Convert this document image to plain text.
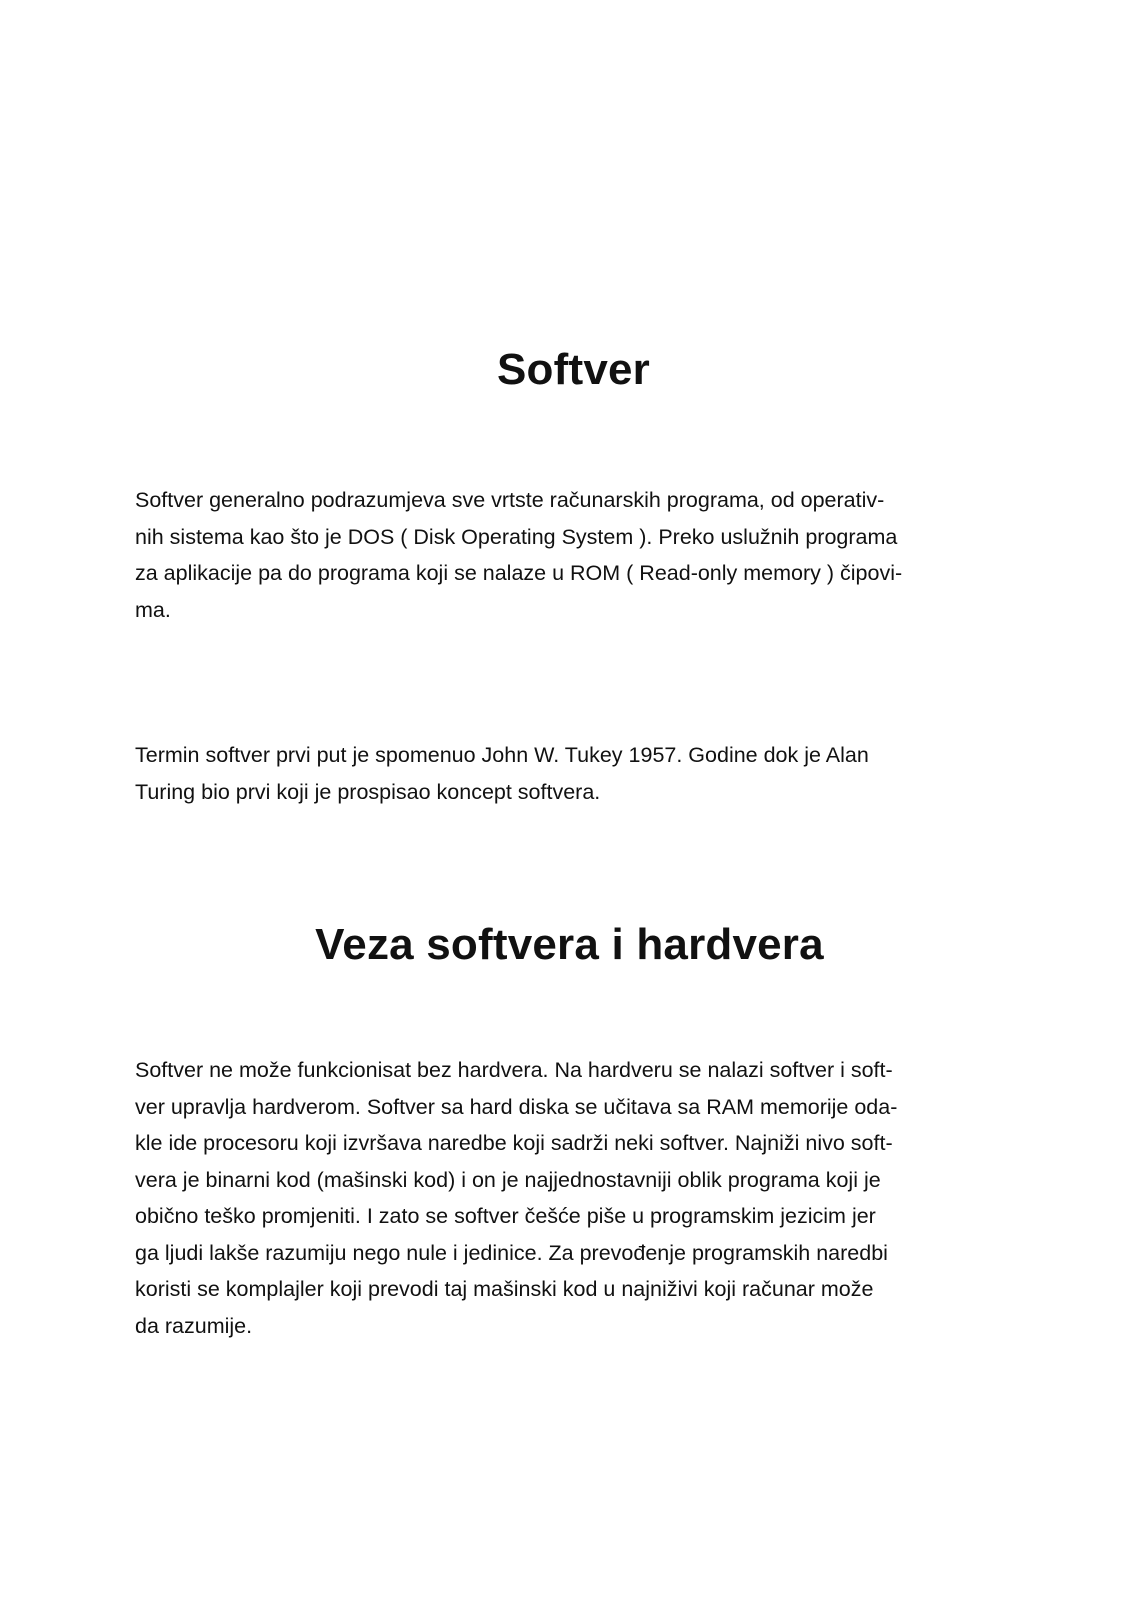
Softver

Softver generalno podrazumjeva sve vrtste računarskih programa, od operativ-
nih sistema kao što je DOS ( Disk Operating System ). Preko uslužnih programa
za aplikacije pa do programa koji se nalaze u ROM ( Read-only memory ) čipovi-
ma.

Termin softver prvi put je spomenuo John W. Tukey 1957. Godine dok je Alan
Turing bio prvi koji je prospisao koncept softvera.

Veza softvera i hardvera

Softver ne može funkcionisat bez hardvera. Na hardveru se nalazi softver i soft-
ver upravlja hardverom. Softver sa hard diska se učitava sa RAM memorije oda-
kle ide procesoru koji izvršava naredbe koji sadrži neki softver. Najniži nivo soft-
vera je binarni kod (mašinski kod) i on je najjednostavniji oblik programa koji je
obično teško promjeniti. I zato se softver češće piše u programskim jezicim jer
ga ljudi lakše razumiju nego nule i jedinice. Za prevođenje programskih naredbi
koristi se komplajler koji prevodi taj mašinski kod u najniživi koji računar može
da razumije.
